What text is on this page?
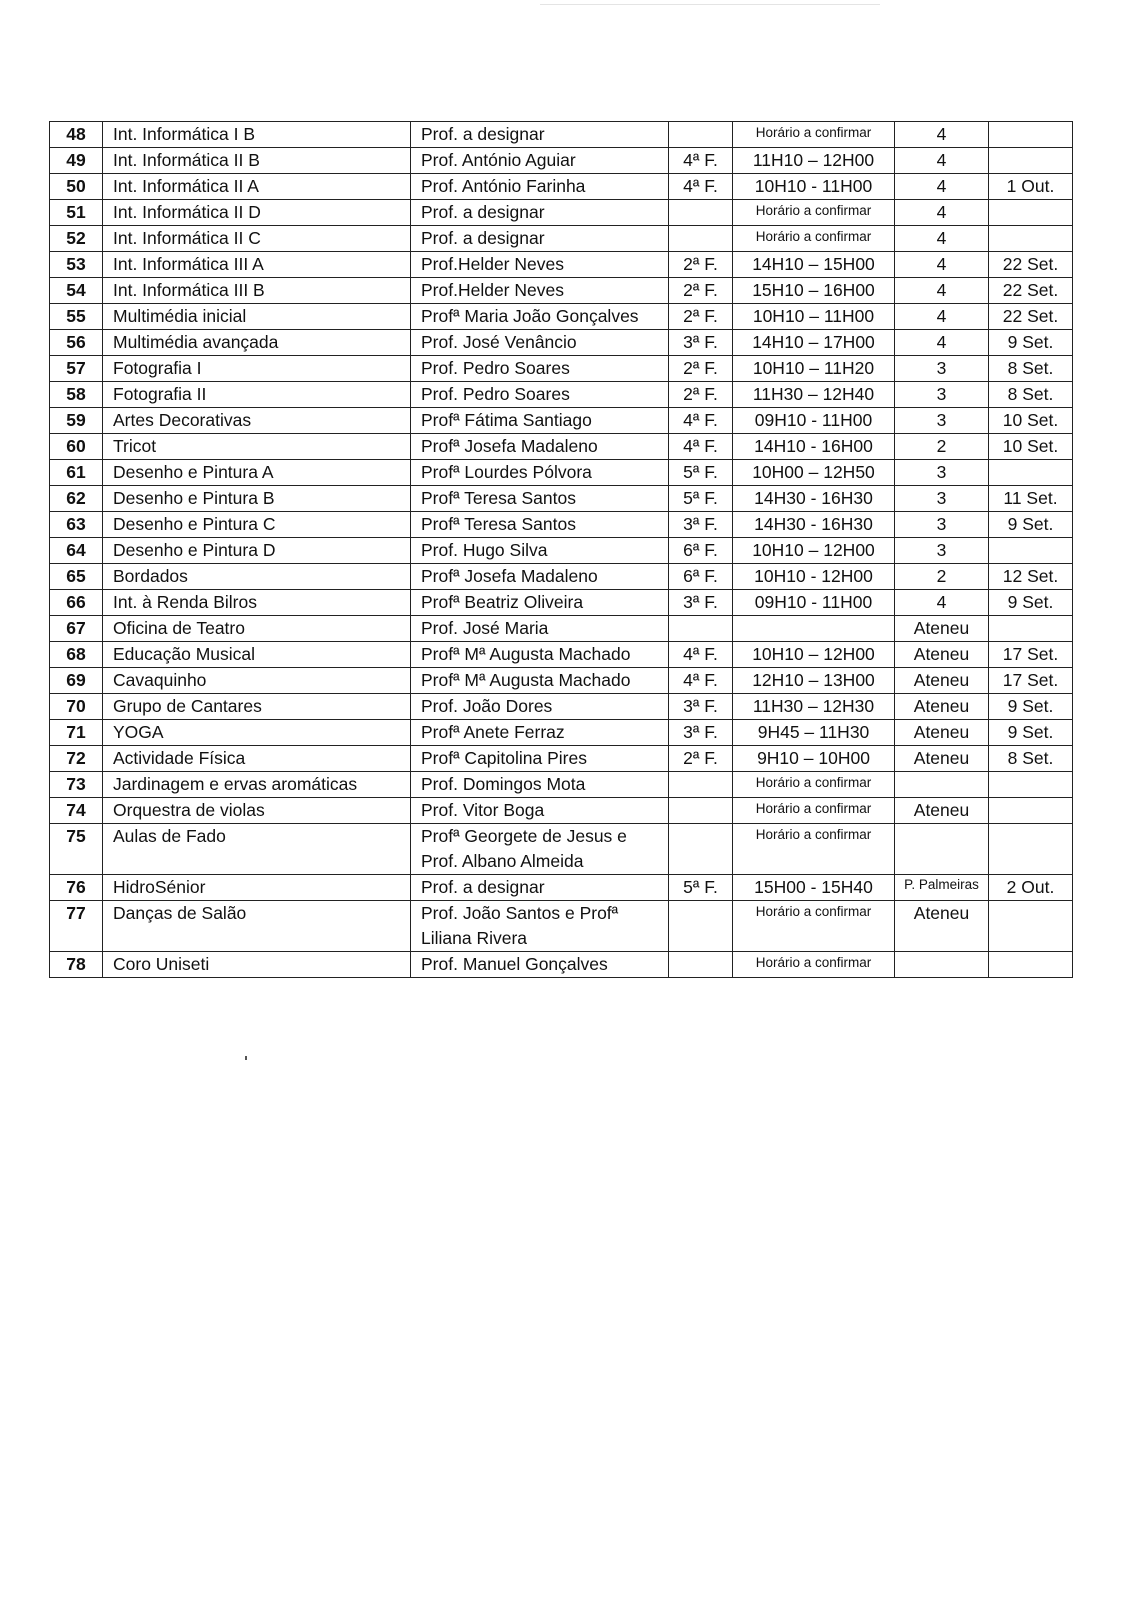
48	Int. Informática I B	Prof. a designar		Horário a confirmar	4	
49	Int. Informática II B	Prof. António Aguiar	4ª F.	11H10 – 12H00	4	
50	Int. Informática II A	Prof. António Farinha	4ª F.	10H10 - 11H00	4	1 Out.
51	Int. Informática II D	Prof. a designar		Horário a confirmar	4	
52	Int. Informática II C	Prof. a designar		Horário a confirmar	4	
53	Int. Informática III A	Prof.Helder Neves	2ª F.	14H10 – 15H00	4	22 Set.
54	Int. Informática III B	Prof.Helder Neves	2ª F.	15H10 – 16H00	4	22 Set.
55	Multimédia inicial	Profª Maria João Gonçalves	2ª F.	10H10 – 11H00	4	22 Set.
56	Multimédia avançada	Prof. José Venâncio	3ª F.	14H10 – 17H00	4	9 Set.
57	Fotografia I	Prof. Pedro Soares	2ª F.	10H10 – 11H20	3	8 Set.
58	Fotografia II	Prof. Pedro Soares	2ª F.	11H30 – 12H40	3	8 Set.
59	Artes Decorativas	Profª Fátima Santiago	4ª F.	09H10 - 11H00	3	10 Set.
60	Tricot	Profª Josefa Madaleno	4ª F.	14H10 - 16H00	2	10 Set.
61	Desenho e Pintura A	Profª Lourdes Pólvora	5ª F.	10H00 – 12H50	3	
62	Desenho e Pintura B	Profª Teresa Santos	5ª F.	14H30 - 16H30	3	11 Set.
63	Desenho e Pintura C	Profª Teresa Santos	3ª F.	14H30 - 16H30	3	9 Set.
64	Desenho e Pintura D	Prof. Hugo Silva	6ª F.	10H10 – 12H00	3	
65	Bordados	Profª Josefa Madaleno	6ª F.	10H10 - 12H00	2	12 Set.
66	Int. à Renda Bilros	Profª Beatriz Oliveira	3ª F.	09H10 - 11H00	4	9 Set.
67	Oficina de Teatro	Prof. José Maria			Ateneu	
68	Educação Musical	Profª Mª Augusta Machado	4ª F.	10H10 – 12H00	Ateneu	17 Set.
69	Cavaquinho	Profª Mª Augusta Machado	4ª F.	12H10 – 13H00	Ateneu	17 Set.
70	Grupo de Cantares	Prof. João Dores	3ª F.	11H30 – 12H30	Ateneu	9 Set.
71	YOGA	Profª Anete Ferraz	3ª F.	9H45 – 11H30	Ateneu	9 Set.
72	Actividade Física	Profª Capitolina Pires	2ª F.	9H10 – 10H00	Ateneu	8 Set.
73	Jardinagem e ervas aromáticas	Prof. Domingos Mota		Horário a confirmar		
74	Orquestra de violas	Prof. Vitor Boga		Horário a confirmar	Ateneu	
75	Aulas de Fado	Profª Georgete de Jesus e Prof. Albano Almeida		Horário a confirmar		
76	HidroSénior	Prof. a designar	5ª F.	15H00 - 15H40	P. Palmeiras	2 Out.
77	Danças de Salão	Prof. João Santos e Profª Liliana Rivera		Horário a confirmar	Ateneu	
78	Coro Uniseti	Prof. Manuel Gonçalves		Horário a confirmar		
